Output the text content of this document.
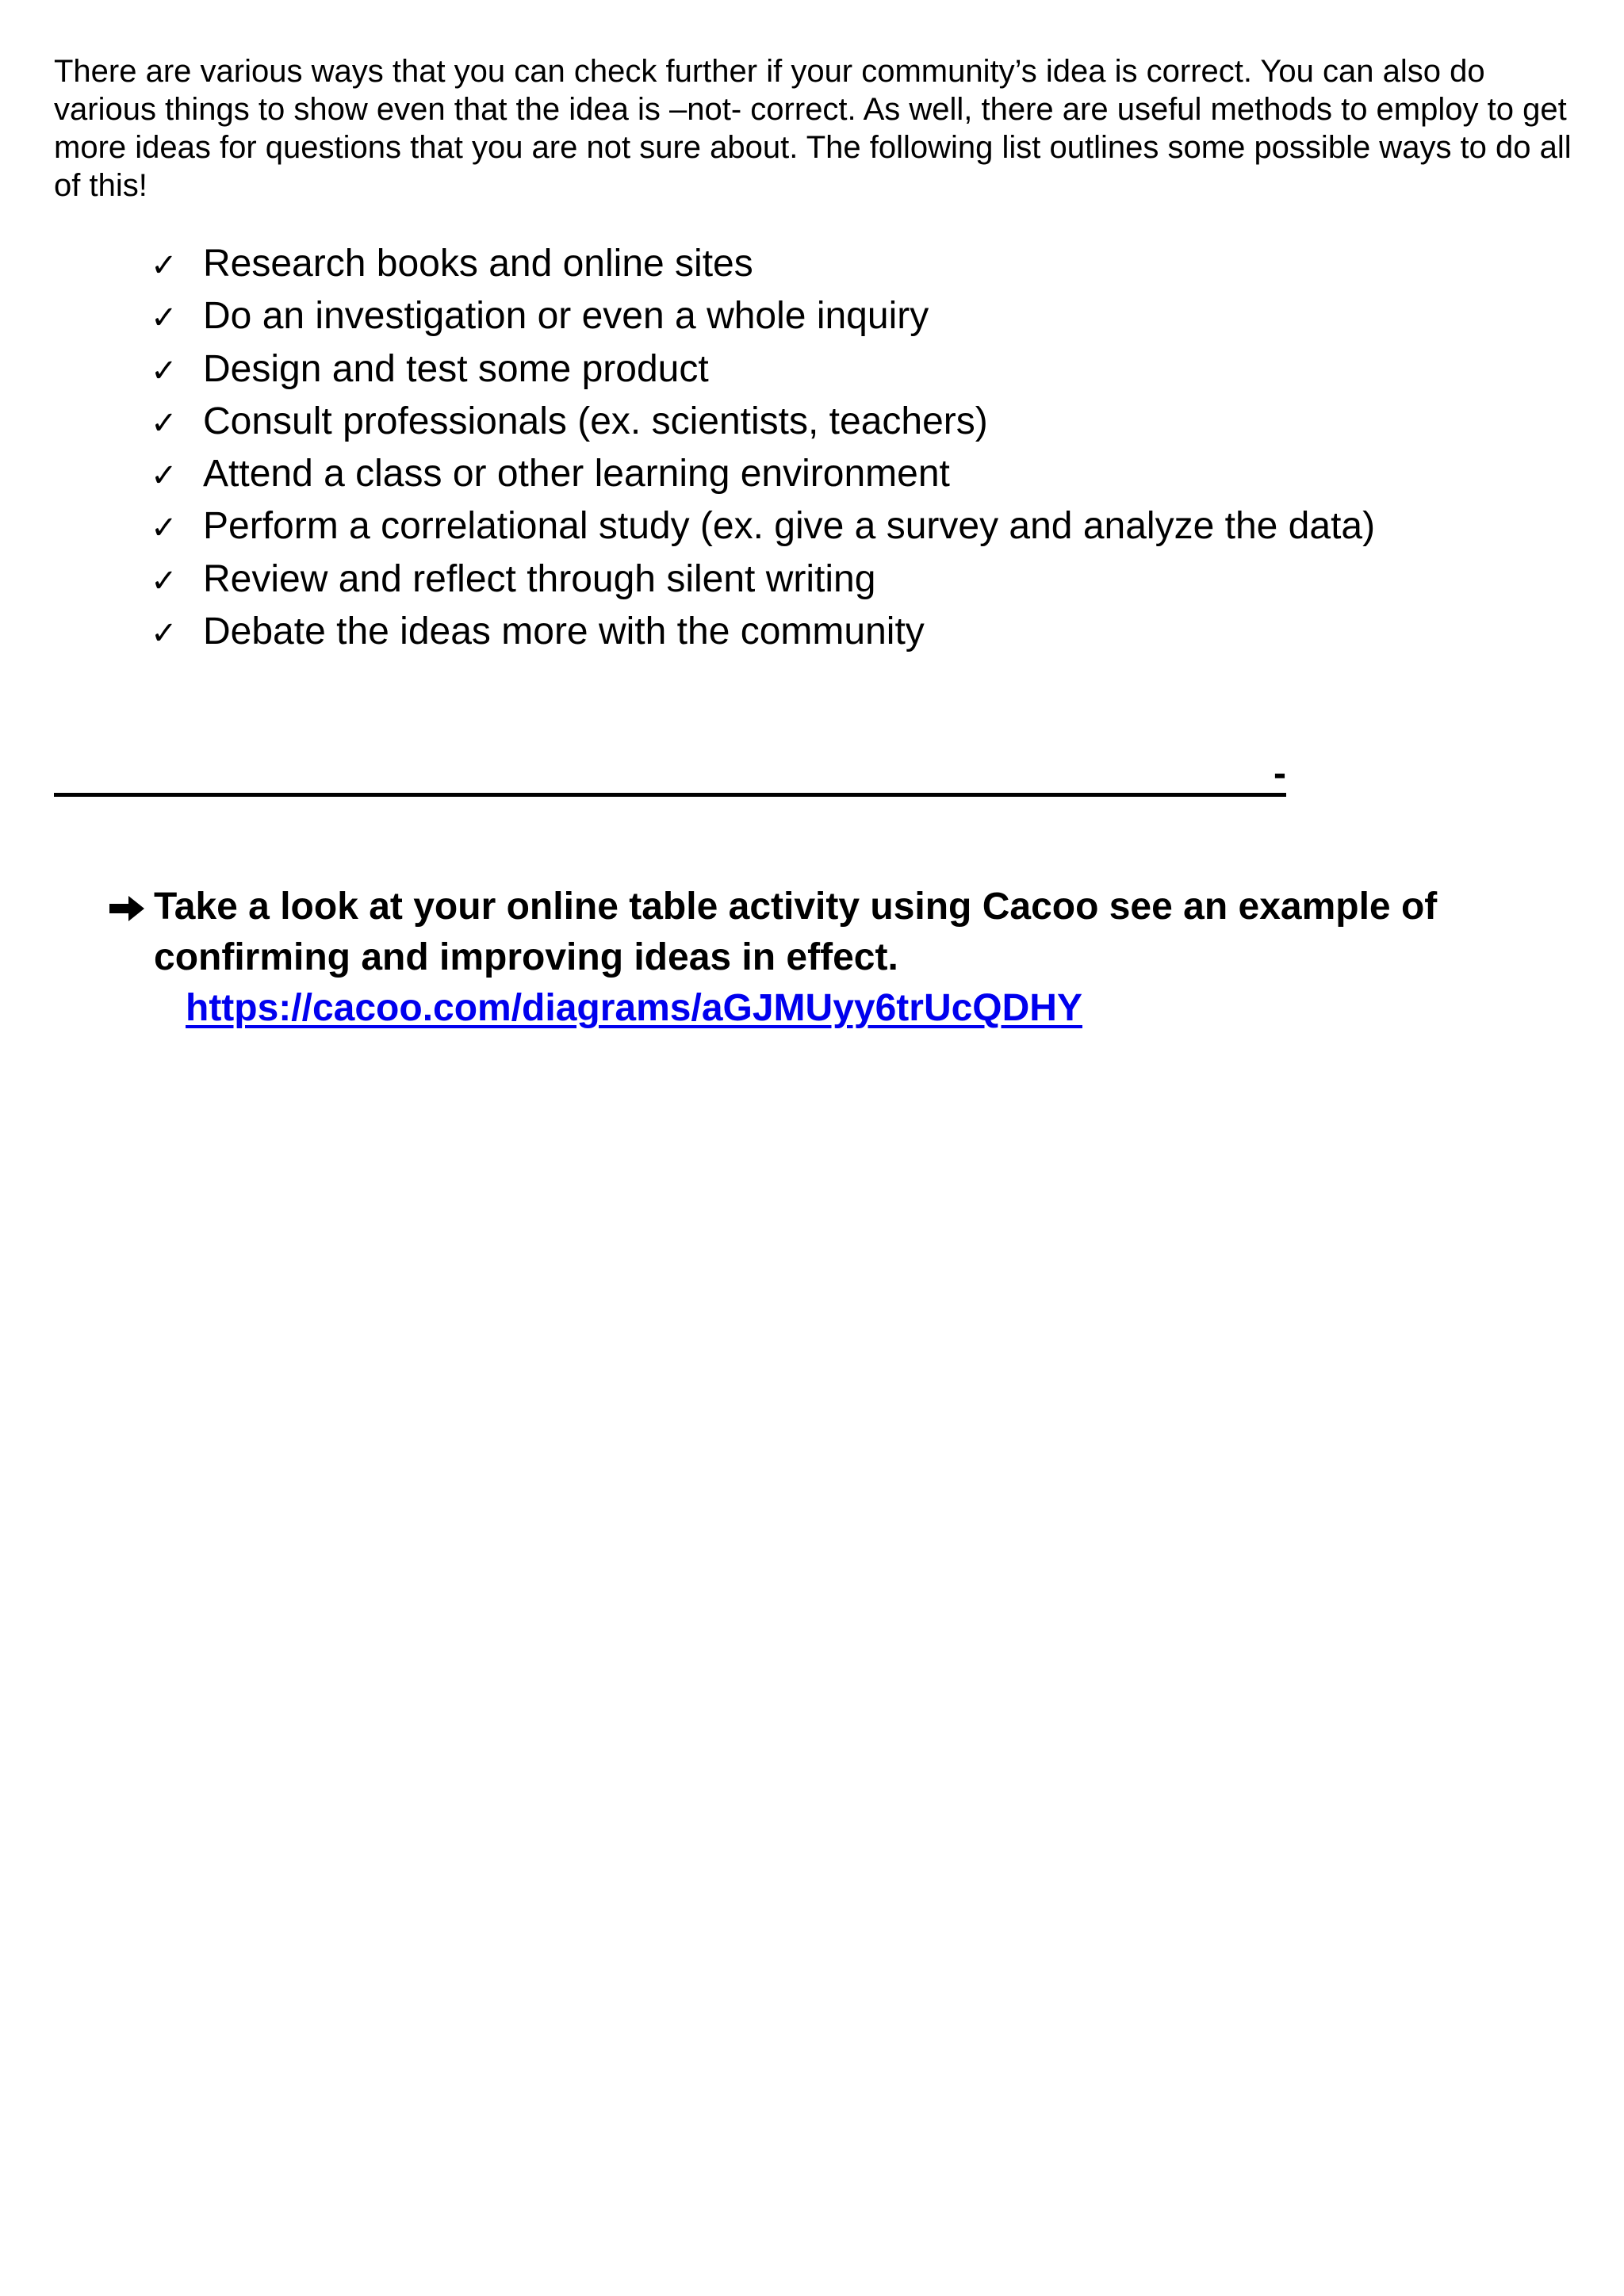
There are various ways that you can check further if your community’s idea is correct. You can also do various things to show even that the idea is –not- correct. As well, there are useful methods to employ to get more ideas for questions that you are not sure about. The following list outlines some possible ways to do all of this!

✓ Research books and online sites
✓ Do an investigation or even a whole inquiry
✓ Design and test some product
✓ Consult professionals (ex. scientists, teachers)
✓ Attend a class or other learning environment
✓ Perform a correlational study (ex. give a survey and analyze the data)
✓ Review and reflect through silent writing
✓ Debate the ideas more with the community
-

Take a look at your online table activity using Cacoo see an example of confirming and improving ideas in effect.

https://cacoo.com/diagrams/aGJMUyy6trUcQDHY
